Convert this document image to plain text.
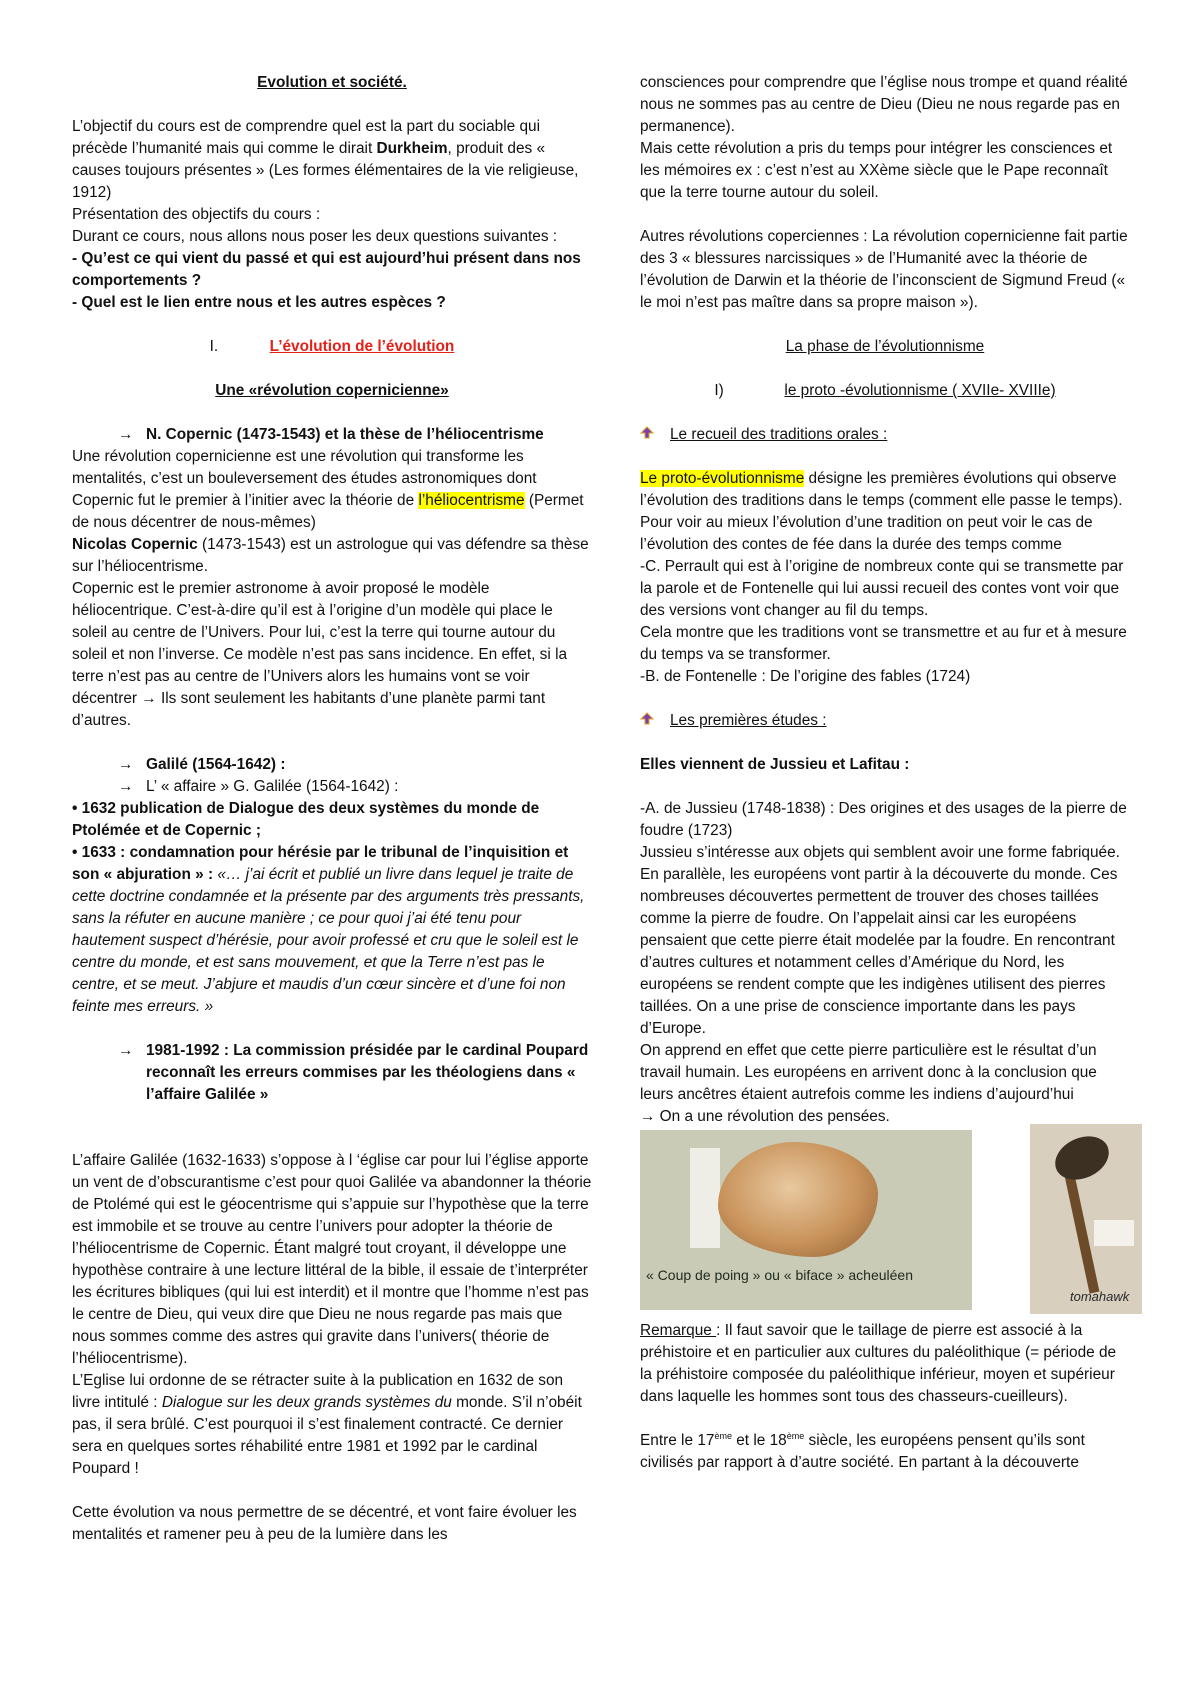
Evolution et société.

L’objectif du cours est de comprendre quel est la part du sociable qui précède l’humanité mais qui comme le dirait Durkheim, produit des « causes toujours présentes » (Les formes élémentaires de la vie religieuse, 1912)

Présentation des objectifs du cours :

Durant ce cours, nous allons nous poser les deux questions suivantes :

- Qu’est ce qui vient du passé et qui est aujourd’hui présent dans nos comportements ?

- Quel est le lien entre nous et les autres espèces ?

I.	L’évolution de l’évolution

Une «révolution copernicienne»

→ N. Copernic (1473-1543) et la thèse de l’héliocentrisme

Une révolution copernicienne est une révolution qui transforme les mentalités, c’est un bouleversement des études astronomiques dont Copernic fut le premier à l’initier avec la théorie de l’héliocentrisme (Permet de nous décentrer de nous-mêmes)

Nicolas Copernic (1473-1543) est un astrologue qui vas défendre sa thèse sur l’héliocentrisme.

Copernic est le premier astronome à avoir proposé le modèle héliocentrique. C’est-à-dire qu’il est à l’origine d’un modèle qui place le soleil au centre de l’Univers. Pour lui, c’est la terre qui tourne autour du soleil et non l’inverse. Ce modèle n’est pas sans incidence. En effet, si la terre n’est pas au centre de l’Univers alors les humains vont se voir décentrer → Ils sont seulement les habitants d’une planète parmi tant d’autres.

→ Galilé (1564-1642) :

→ L’ « affaire » G. Galilée (1564-1642) :

• 1632 publication de Dialogue des deux systèmes du monde de Ptolémée et de Copernic ;

• 1633 : condamnation pour hérésie par le tribunal de l’inquisition et son « abjuration » : «… j’ai écrit et publié un livre dans lequel je traite de cette doctrine condamnée et la présente par des arguments très pressants, sans la réfuter en aucune manière ; ce pour quoi j’ai été tenu pour hautement suspect d’hérésie, pour avoir professé et cru que le soleil est le centre du monde, et est sans mouvement, et que la Terre n’est pas le centre, et se meut. J’abjure et maudis d’un cœur sincère et d’une foi non feinte mes erreurs. »

→ 1981-1992 : La commission présidée par le cardinal Poupard reconnaît les erreurs commises par les théologiens dans « l’affaire Galilée »

L’affaire Galilée (1632-1633) s’oppose à l ‘église car pour lui l’église apporte un vent de d’obscurantisme c’est pour quoi Galilée va abandonner la théorie de Ptolémé qui est le géocentrisme qui s’appuie sur l’hypothèse que la terre est immobile et se trouve au centre l’univers pour adopter la théorie de l’héliocentrisme de Copernic. Étant malgré tout croyant, il développe une hypothèse contraire à une lecture littéral de la bible, il essaie de t’interpréter les écritures bibliques (qui lui est interdit) et il montre que l’homme n’est pas le centre de Dieu, qui veux dire que Dieu ne nous regarde pas mais que nous sommes comme des astres qui gravite dans l’univers( théorie de l’héliocentrisme).

L’Eglise lui ordonne de se rétracter suite à la publication en 1632 de son livre intitulé : Dialogue sur les deux grands systèmes du monde. S’il n’obéit pas, il sera brûlé. C’est pourquoi il s’est finalement contracté. Ce dernier sera en quelques sortes réhabilité entre 1981 et 1992 par le cardinal Poupard !

Cette évolution va nous permettre de se décentré, et vont faire évoluer les mentalités et ramener peu à peu de la lumière dans les

consciences pour comprendre que l’église nous trompe et quand réalité nous ne sommes pas au centre de Dieu (Dieu ne nous regarde pas en permanence).

Mais cette révolution a pris du temps pour intégrer les consciences et les mémoires ex : c’est n’est au XXème siècle que le Pape reconnaît que la terre tourne autour du soleil.

Autres révolutions coperciennes : La révolution copernicienne fait partie des 3 « blessures narcissiques » de l’Humanité avec la théorie de l’évolution de Darwin et la théorie de l’inconscient de Sigmund Freud (« le moi n’est pas maître dans sa propre maison »).

La phase de l’évolutionnisme

I)	le proto -évolutionnisme ( XVIIe- XVIIIe)

Le recueil des traditions orales :

Le proto-évolutionnisme désigne les premières évolutions qui observe l’évolution des traditions dans le temps (comment elle passe le temps).

Pour voir au mieux l’évolution d’une tradition on peut voir le cas de l’évolution des contes de fée dans la durée des temps comme

-C. Perrault qui est à l’origine de nombreux conte qui se transmette par la parole et de Fontenelle qui lui aussi recueil des contes vont voir que des versions vont changer au fil du temps.

Cela montre que les traditions vont se transmettre et au fur et à mesure du temps va se transformer.

-B. de Fontenelle : De l’origine des fables (1724)

Les premières études :

Elles viennent de Jussieu et Lafitau :

-A. de Jussieu (1748-1838) : Des origines et des usages de la pierre de foudre (1723)

Jussieu s’intéresse aux objets qui semblent avoir une forme fabriquée.

En parallèle, les européens vont partir à la découverte du monde. Ces nombreuses découvertes permettent de trouver des choses taillées comme la pierre de foudre. On l’appelait ainsi car les européens pensaient que cette pierre était modelée par la foudre. En rencontrant d’autres cultures et notamment celles d’Amérique du Nord, les européens se rendent compte que les indigènes utilisent des pierres taillées. On a une prise de conscience importante dans les pays d’Europe.

On apprend en effet que cette pierre particulière est le résultat d’un travail humain. Les européens en arrivent donc à la conclusion que leurs ancêtres étaient autrefois comme les indiens d’aujourd’hui

→ On a une révolution des pensées.

« Coup de poing » ou « biface » acheuléen
tomahawk

Remarque : Il faut savoir que le taillage de pierre est associé à la préhistoire et en particulier aux cultures du paléolithique (= période de la préhistoire composée du paléolithique inférieur, moyen et supérieur dans laquelle les hommes sont tous des chasseurs-cueilleurs).

Entre le 17ème et le 18ème siècle, les européens pensent qu’ils sont civilisés par rapport à d’autre société. En partant à la découverte
